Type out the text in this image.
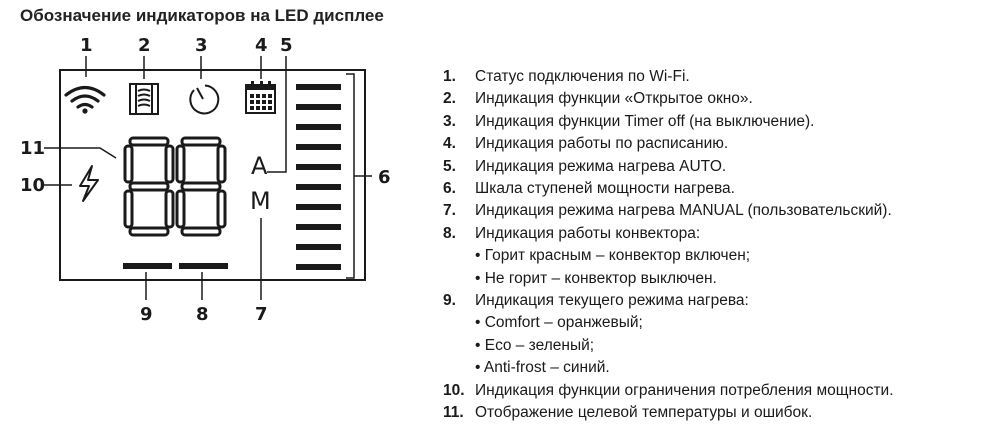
Обозначение индикаторов на LED дисплее
A
M
1	2 3	4 5
6
7
8
9
10
11
1. Статус подключения по Wi-Fi.
2. Индикация функции «Открытое окно».
3. Индикация функции Timer off (на выключение).
4. Индикация работы по расписанию.
5. Индикация режима нагрева AUTO.
6. Шкала ступеней мощности нагрева.
7. Индикация режима нагрева MANUAL (пользовательский).
8. Индикация работы конвектора:
• Горит красным – конвектор включен;
• Не горит – конвектор выключен.
9. Индикация текущего режима нагрева:
• Comfort – оранжевый;
• Eco – зеленый;
• Anti-frost – синий.
10. Индикация функции ограничения потребления мощности.
11. Отображение целевой температуры и ошибок.
